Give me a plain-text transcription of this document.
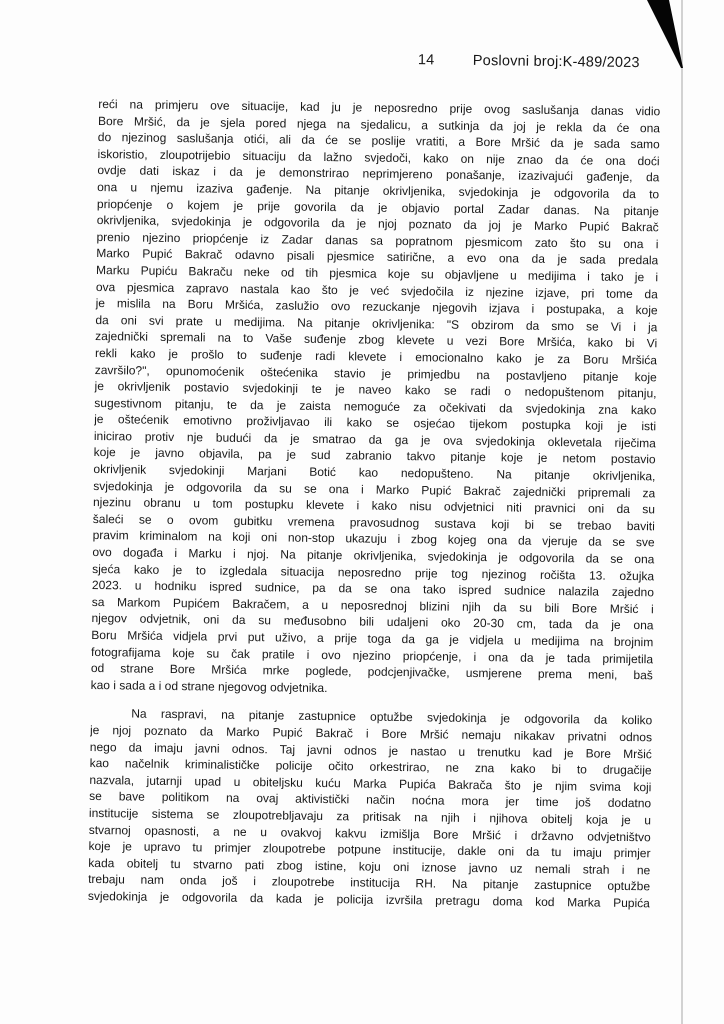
14	Poslovni broj:K-489/2023
reći na primjeru ove situacije, kad ju je neposredno prije ovog saslušanja danas vidio
Bore Mršić, da je sjela pored njega na sjedalicu, a sutkinja da joj je rekla da će ona
do njezinog saslušanja otići, ali da će se poslije vratiti, a Bore Mršić da je sada samo
iskoristio, zloupotrijebio situaciju da lažno svjedoči, kako on nije znao da će ona doći
ovdje dati iskaz i da je demonstrirao neprimjereno ponašanje, izazivajući gađenje, da
ona u njemu izaziva gađenje. Na pitanje okrivljenika, svjedokinja je odgovorila da to
priopćenje o kojem je prije govorila da je objavio portal Zadar danas. Na pitanje
okrivljenika, svjedokinja je odgovorila da je njoj poznato da joj je Marko Pupić Bakrač
prenio njezino priopćenje iz Zadar danas sa popratnom pjesmicom zato što su ona i
Marko Pupić Bakrač odavno pisali pjesmice satirične, a evo ona da je sada predala
Marku Pupiću Bakraču neke od tih pjesmica koje su objavljene u medijima i tako je i
ova pjesmica zapravo nastala kao što je već svjedočila iz njezine izjave, pri tome da
je mislila na Boru Mršića, zaslužio ovo rezuckanje njegovih izjava i postupaka, a koje
da oni svi prate u medijima. Na pitanje okrivljenika: "S obzirom da smo se Vi i ja
zajednički spremali na to Vaše suđenje zbog klevete u vezi Bore Mršića, kako bi Vi
rekli kako je prošlo to suđenje radi klevete i emocionalno kako je za Boru Mršića
završilo?", opunomoćenik oštećenika stavio je primjedbu na postavljeno pitanje koje
je okrivljenik postavio svjedokinji te je naveo kako se radi o nedopuštenom pitanju,
sugestivnom pitanju, te da je zaista nemoguće za očekivati da svjedokinja zna kako
je oštećenik emotivno proživljavao ili kako se osjećao tijekom postupka koji je isti
inicirao protiv nje budući da je smatrao da ga je ova svjedokinja oklevetala riječima
koje je javno objavila, pa je sud zabranio takvo pitanje koje je netom postavio
okrivljenik svjedokinji Marjani Botić kao nedopušteno. Na pitanje okrivljenika,
svjedokinja je odgovorila da su se ona i Marko Pupić Bakrač zajednički pripremali za
njezinu obranu u tom postupku klevete i kako nisu odvjetnici niti pravnici oni da su
šaleći se o ovom gubitku vremena pravosudnog sustava koji bi se trebao baviti
pravim kriminalom na koji oni non-stop ukazuju i zbog kojeg ona da vjeruje da se sve
ovo događa i Marku i njoj. Na pitanje okrivljenika, svjedokinja je odgovorila da se ona
sjeća kako je to izgledala situacija neposredno prije tog njezinog ročišta 13. ožujka
2023. u hodniku ispred sudnice, pa da se ona tako ispred sudnice nalazila zajedno
sa Markom Pupićem Bakračem, a u neposrednoj blizini njih da su bili Bore Mršić i
njegov odvjetnik, oni da su međusobno bili udaljeni oko 20-30 cm, tada da je ona
Boru Mršića vidjela prvi put uživo, a prije toga da ga je vidjela u medijima na brojnim
fotografijama koje su čak pratile i ovo njezino priopćenje, i ona da je tada primijetila
od strane Bore Mršića mrke poglede, podcjenjivačke, usmjerene prema meni, baš
kao i sada a i od strane njegovog odvjetnika.
Na raspravi, na pitanje zastupnice optužbe svjedokinja je odgovorila da koliko
je njoj poznato da Marko Pupić Bakrač i Bore Mršić nemaju nikakav privatni odnos
nego da imaju javni odnos. Taj javni odnos je nastao u trenutku kad je Bore Mršić
kao načelnik kriminalističke policije očito orkestrirao, ne zna kako bi to drugačije
nazvala, jutarnji upad u obiteljsku kuću Marka Pupića Bakrača što je njim svima koji
se bave politikom na ovaj aktivistički način noćna mora jer time još dodatno
institucije sistema se zloupotrebljavaju za pritisak na njih i njihova obitelj koja je u
stvarnoj opasnosti, a ne u ovakvoj kakvu izmišlja Bore Mršić i državno odvjetništvo
koje je upravo tu primjer zloupotrebe potpune institucije, dakle oni da tu imaju primjer
kada obitelj tu stvarno pati zbog istine, koju oni iznose javno uz nemali strah i ne
trebaju nam onda još i zloupotrebe institucija RH. Na pitanje zastupnice optužbe
svjedokinja je odgovorila da kada je policija izvršila pretragu doma kod Marka Pupića
